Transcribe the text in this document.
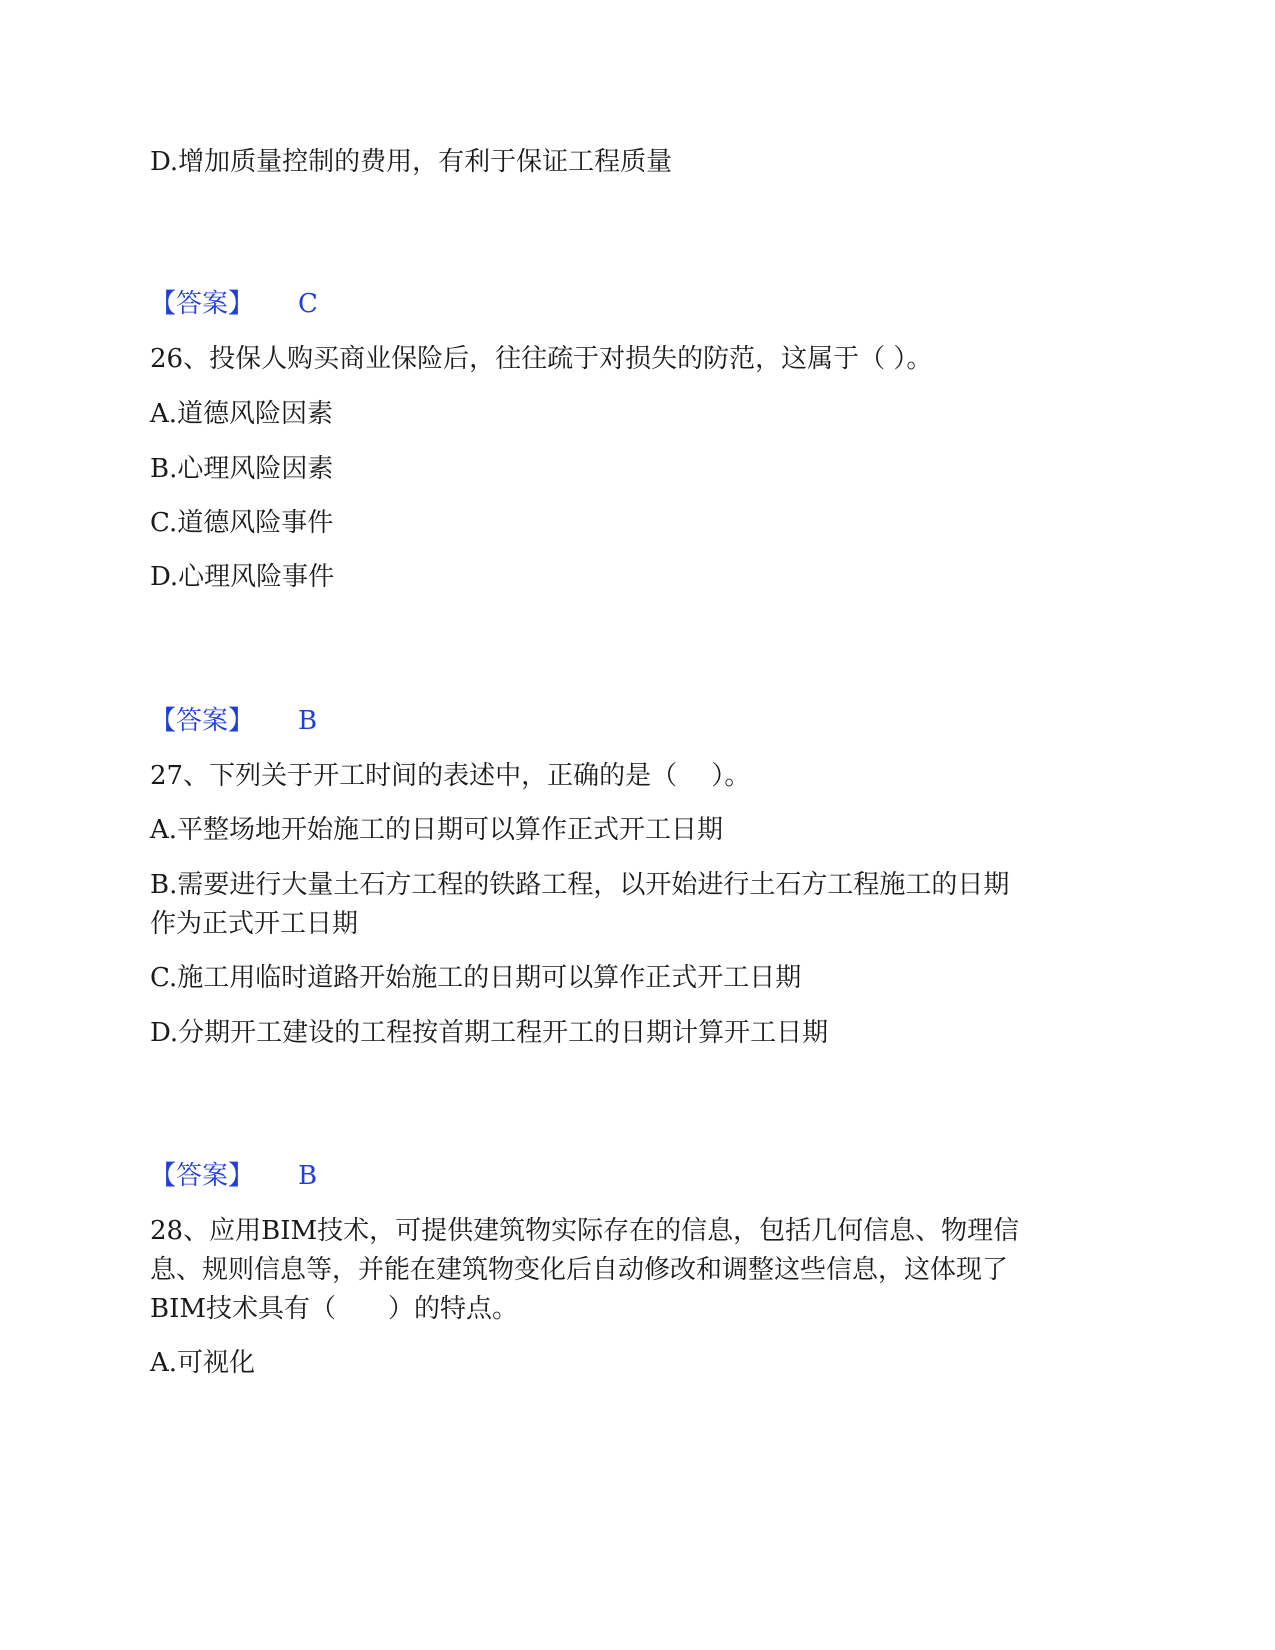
D.增加质量控制的费用，有利于保证工程质量

【答案】 C

26、投保人购买商业保险后，往往疏于对损失的防范，这属于（ ）。

A.道德风险因素

B.心理风险因素

C.道德风险事件

D.心理风险事件

【答案】 B

27、下列关于开工时间的表述中，正确的是（　 ）。

A.平整场地开始施工的日期可以算作正式开工日期

B.需要进行大量土石方工程的铁路工程，以开始进行土石方工程施工的日期

作为正式开工日期

C.施工用临时道路开始施工的日期可以算作正式开工日期

D.分期开工建设的工程按首期工程开工的日期计算开工日期

【答案】 B

28、应用BIM技术，可提供建筑物实际存在的信息，包括几何信息、物理信

息、规则信息等，并能在建筑物变化后自动修改和调整这些信息，这体现了

BIM技术具有（　　）的特点。

A.可视化
